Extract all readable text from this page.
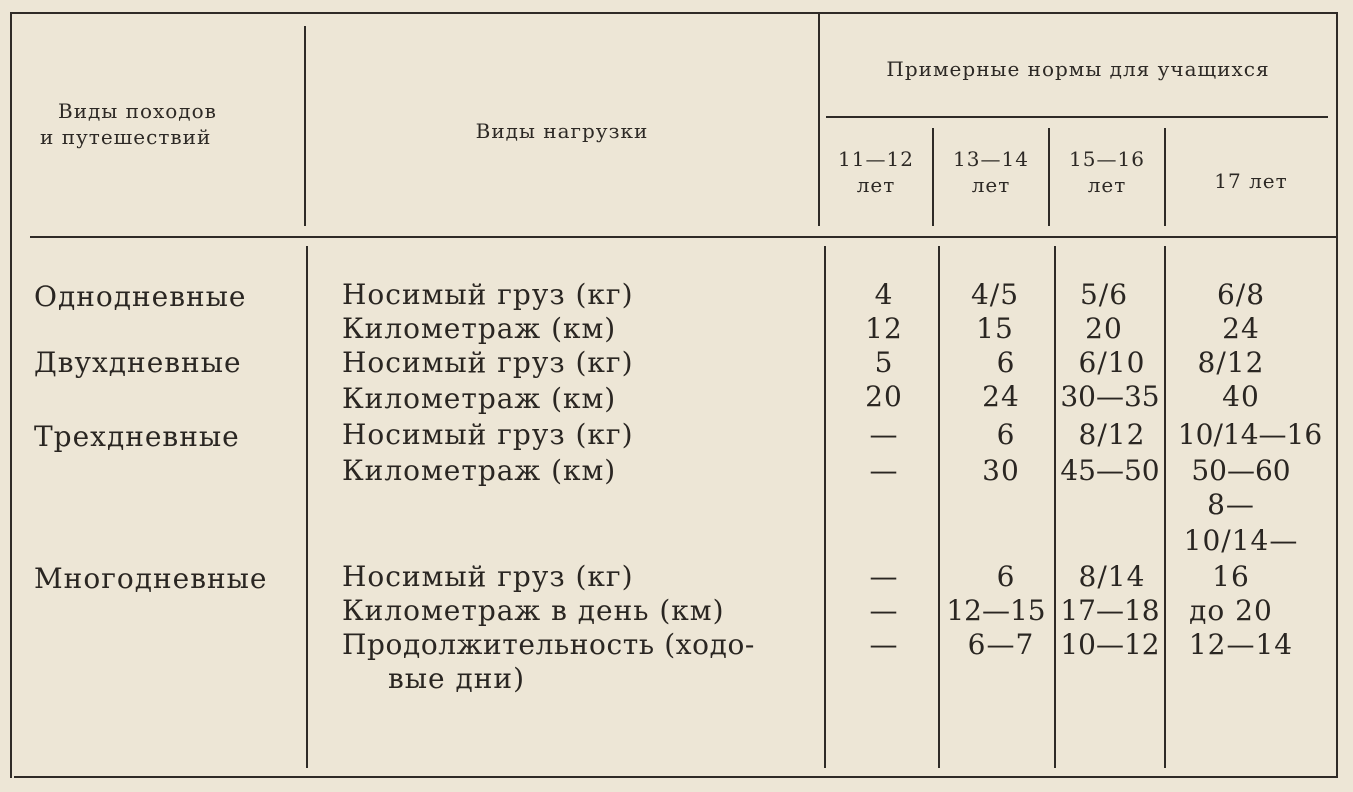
Виды походов
и путешествий	Виды нагрузки
Примерные нормы для учащихся
11—12
лет
13—14
лет
15—16
лет	17 лет
Однодневные
Двухдневные
Трехдневные
Многодневные
Носимый груз (кг)
Километраж (км)
Носимый груз (кг)
Километраж (км)
Носимый груз (кг)
Километраж (км)
Носимый груз (кг)
Километраж в день (км)
Продолжительность (ходо-
вые дни)
4
12
5
20
—
—
—
—
—
4/5
15
6
24
6
30
6
12—15
6—7
5/6
20
6/10
30—35
8/12
45—50
8/14
17—18
10—12
6/8
24
8/12
40
10/14—16
50—60
8—
10/14—
16
до 20
12—14
